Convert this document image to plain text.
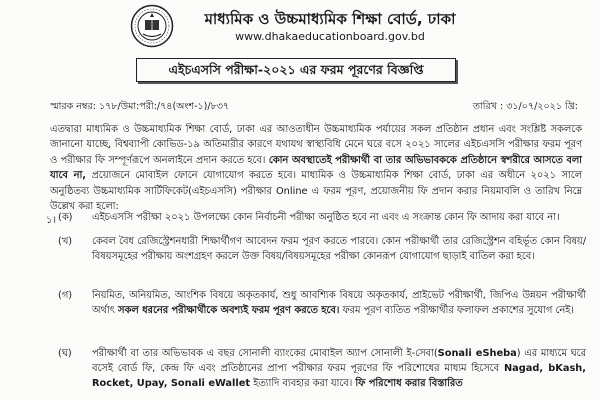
মাধ্যমিক ও উচ্চমাধ্যমিক শিক্ষা বোর্ড, ঢাকা
www.dhakaeducationboard.gov.bd
এইচএসসি পরীক্ষা-২০২১ এর ফরম পূরণের বিজ্ঞপ্তি
স্মারক নম্বর: ১৭৮/উমা:পরী:/৭৪(অংশ-১)/৮৩৭	তারিখ : ৩১/০৭/২০২১ খ্রি:
এতদ্বারা মাধ্যমিক ও উচ্চমাধ্যমিক শিক্ষা বোর্ড, ঢাকা এর আওতাধীন উচ্চমাধ্যমিক পর্যায়ের সকল প্রতিষ্ঠান প্রধান এবং সংশ্লিষ্ট সকলকে জানানো যাচ্ছে, বিশ্বব্যাপী কোভিড-১৯ অতিমারীর কারণে যথাযথ স্বাস্থ্যবিধি মেনে ঘরে বসে ২০২১ সালের এইচএসসি পরীক্ষার ফরম পূরণ ও পরীক্ষার ফি সম্পূর্ণরূপে অনলাইনে প্রদান করতে হবে। কোন অবস্থাতেই পরীক্ষার্থী বা তার অভিভাবককে প্রতিষ্ঠানে স্বশরীরে আসতে বলা যাবে না, প্রয়োজনে মোবাইল ফোনে যোগাযোগ করতে হবে। মাধ্যমিক ও উচ্চমাধ্যমিক শিক্ষা বোর্ড, ঢাকা এর অধীনে ২০২১ সালে অনুষ্ঠিতব্য উচ্চমাধ্যমিক সার্টিফিকেট(এইচএসসি) পরীক্ষার Online এ ফরম পূরণ, প্রয়োজনীয় ফি প্রদান করার নিয়মাবলি ও তারিখ নিম্নে উল্লেখ করা হলো:
১। (ক)	এইচএসসি পরীক্ষা ২০২১ উপলক্ষ্যে কোন নির্বাচনী পরীক্ষা অনুষ্ঠিত হবে না এবং এ সংক্রান্ত কোন ফি আদায় করা যাবে না।
(খ)	কেবল বৈধ রেজিস্ট্রেশনধারী শিক্ষার্থীগণ আবেদন ফরম পূরণ করতে পারবে। কোন পরীক্ষার্থী তার রেজিস্ট্রেশন বহির্ভূত কোন বিষয়/বিষয়সমূহের পরীক্ষায় অংশগ্রহণ করলে উক্ত বিষয়/বিষয়সমূহের পরীক্ষা কোনরূপ যোগাযোগ ছাড়াই বাতিল করা হবে।
(গ)	নিয়মিত, অনিয়মিত, আংশিক বিষয়ে অকৃতকার্য, শুধু আবশ্যিক বিষয়ে অকৃতকার্য, প্রাইভেট পরীক্ষার্থী, জিপিএ উন্নয়ন পরীক্ষার্থী অর্থাৎ সকল ধরনের পরীক্ষার্থীকে অবশ্যই ফরম পূরণ করতে হবে। ফরম পূরণ ব্যতিত পরীক্ষার্থীর ফলাফল প্রকাশের সুযোগ নেই।
(ঘ)	পরীক্ষার্থী বা তার অভিভাবক এ বছর সোনালী ব্যাংকের মোবাইল অ্যাপ সোনালী ই-সেবা(Sonali eSheba) এর মাধ্যমে ঘরে বসেই বোর্ড ফি, কেন্দ্র ফি এবং প্রতিষ্ঠানের প্রাপ্য পরীক্ষার ফরম পূরণের ফি পরিশোধের মাধ্যম হিসেবে Nagad, bKash, Rocket, Upay, Sonali eWallet ইত্যাদি ব্যবহার করা যাবে। ফি পরিশোধ করার বিস্তারিত
